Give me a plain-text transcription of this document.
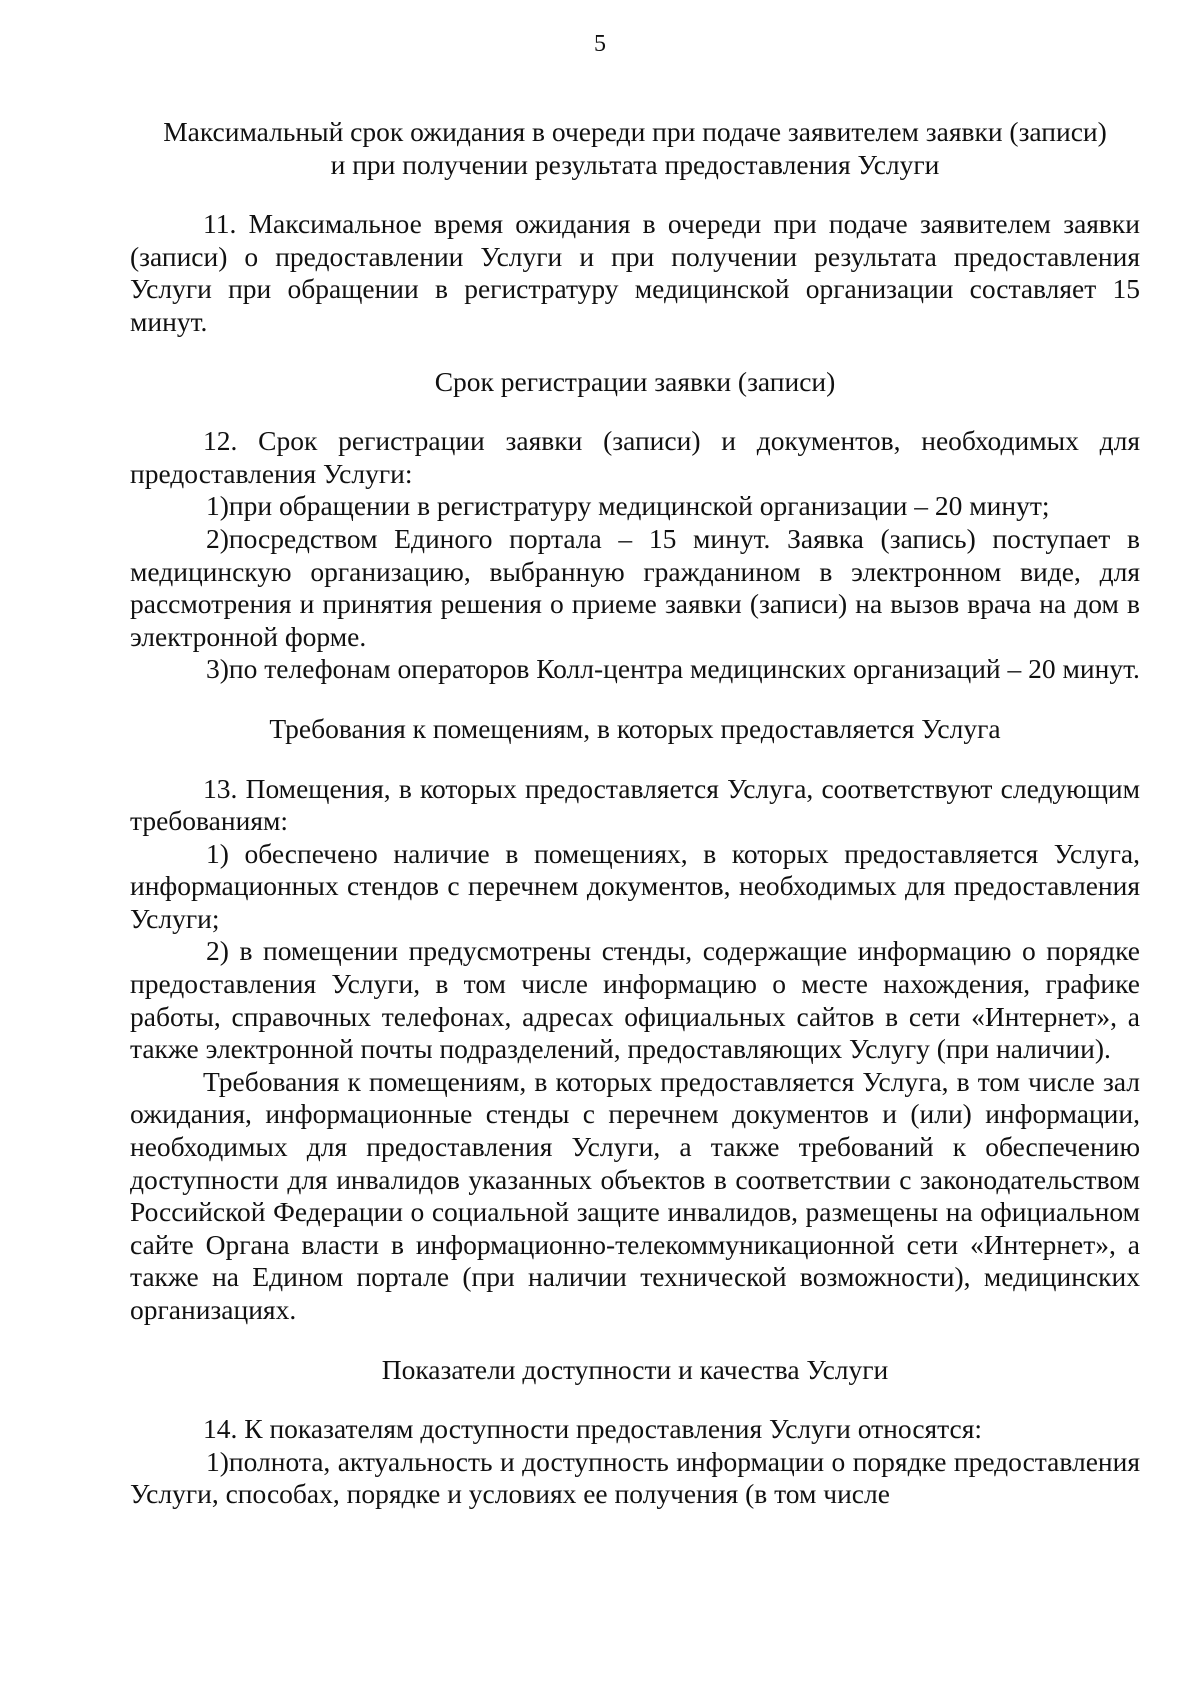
5
Максимальный срок ожидания в очереди при подаче заявителем заявки (записи)
и при получении результата предоставления Услуги

11. Максимальное время ожидания в очереди при подаче заявителем заявки (записи) о предоставлении Услуги и при получении результата предоставления Услуги при обращении в регистратуру медицинской организации составляет 15 минут.

Срок регистрации заявки (записи)

12. Срок регистрации заявки (записи) и документов, необходимых для предоставления Услуги:

1)при обращении в регистратуру медицинской организации – 20 минут;

2)посредством Единого портала – 15 минут. Заявка (запись) поступает в медицинскую организацию, выбранную гражданином в электронном виде, для рассмотрения и принятия решения о приеме заявки (записи) на вызов врача на дом в электронной форме.

3)по телефонам операторов Колл-центра медицинских организаций – 20 минут.

Требования к помещениям, в которых предоставляется Услуга

13. Помещения, в которых предоставляется Услуга, соответствуют следующим требованиям:

1) обеспечено наличие в помещениях, в которых предоставляется Услуга, информационных стендов с перечнем документов, необходимых для предоставления Услуги;

2) в помещении предусмотрены стенды, содержащие информацию о порядке предоставления Услуги, в том числе информацию о месте нахождения, графике работы, справочных телефонах, адресах официальных сайтов в сети «Интернет», а также электронной почты подразделений, предоставляющих Услугу (при наличии).

Требования к помещениям, в которых предоставляется Услуга, в том числе зал ожидания, информационные стенды с перечнем документов и (или) информации, необходимых для предоставления Услуги, а также требований к обеспечению доступности для инвалидов указанных объектов в соответствии с законодательством Российской Федерации о социальной защите инвалидов, размещены на официальном сайте Органа власти в информационно-телекоммуникационной сети «Интернет», а также на Едином портале (при наличии технической возможности), медицинских организациях.

Показатели доступности и качества Услуги

14. К показателям доступности предоставления Услуги относятся:

1)полнота, актуальность и доступность информации о порядке предоставления Услуги, способах, порядке и условиях ее получения (в том числе
